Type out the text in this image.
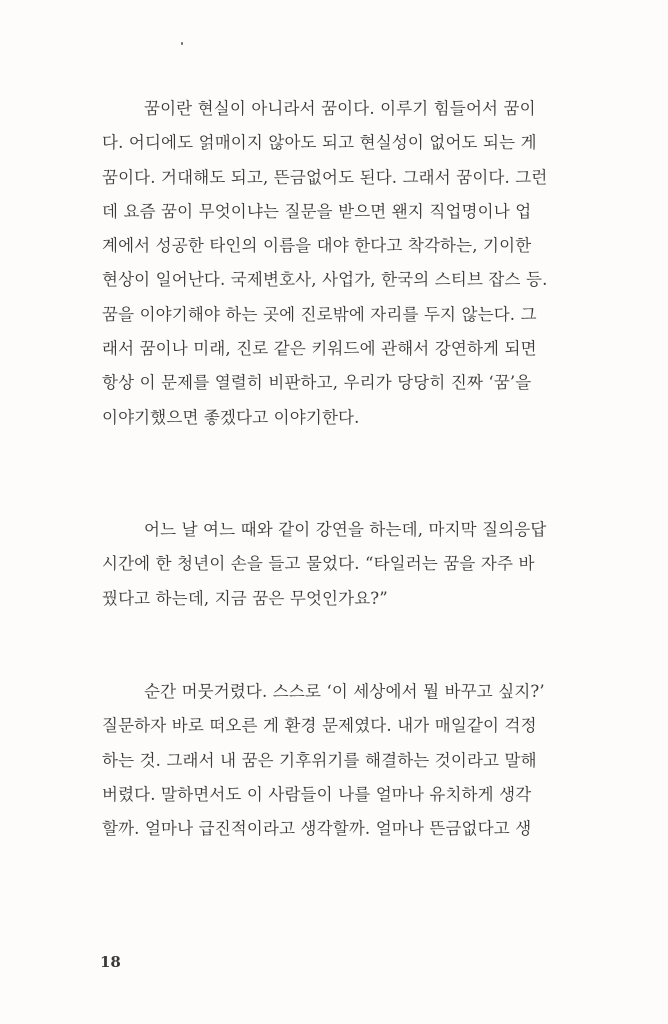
꿈이란 현실이 아니라서 꿈이다. 이루기 힘들어서 꿈이
다. 어디에도 얽매이지 않아도 되고 현실성이 없어도 되는 게
꿈이다. 거대해도 되고, 뜬금없어도 된다. 그래서 꿈이다. 그런
데 요즘 꿈이 무엇이냐는 질문을 받으면 왠지 직업명이나 업
계에서 성공한 타인의 이름을 대야 한다고 착각하는, 기이한
현상이 일어난다. 국제변호사, 사업가, 한국의 스티브 잡스 등.
꿈을 이야기해야 하는 곳에 진로밖에 자리를 두지 않는다. 그
래서 꿈이나 미래, 진로 같은 키워드에 관해서 강연하게 되면
항상 이 문제를 열렬히 비판하고, 우리가 당당히 진짜 ‘꿈’을
이야기했으면 좋겠다고 이야기한다.
어느 날 여느 때와 같이 강연을 하는데, 마지막 질의응답
시간에 한 청년이 손을 들고 물었다. “타일러는 꿈을 자주 바
꿨다고 하는데, 지금 꿈은 무엇인가요?”
순간 머뭇거렸다. 스스로 ‘이 세상에서 뭘 바꾸고 싶지?’
질문하자 바로 떠오른 게 환경 문제였다. 내가 매일같이 걱정
하는 것. 그래서 내 꿈은 기후위기를 해결하는 것이라고 말해
버렸다. 말하면서도 이 사람들이 나를 얼마나 유치하게 생각
할까. 얼마나 급진적이라고 생각할까. 얼마나 뜬금없다고 생
18
